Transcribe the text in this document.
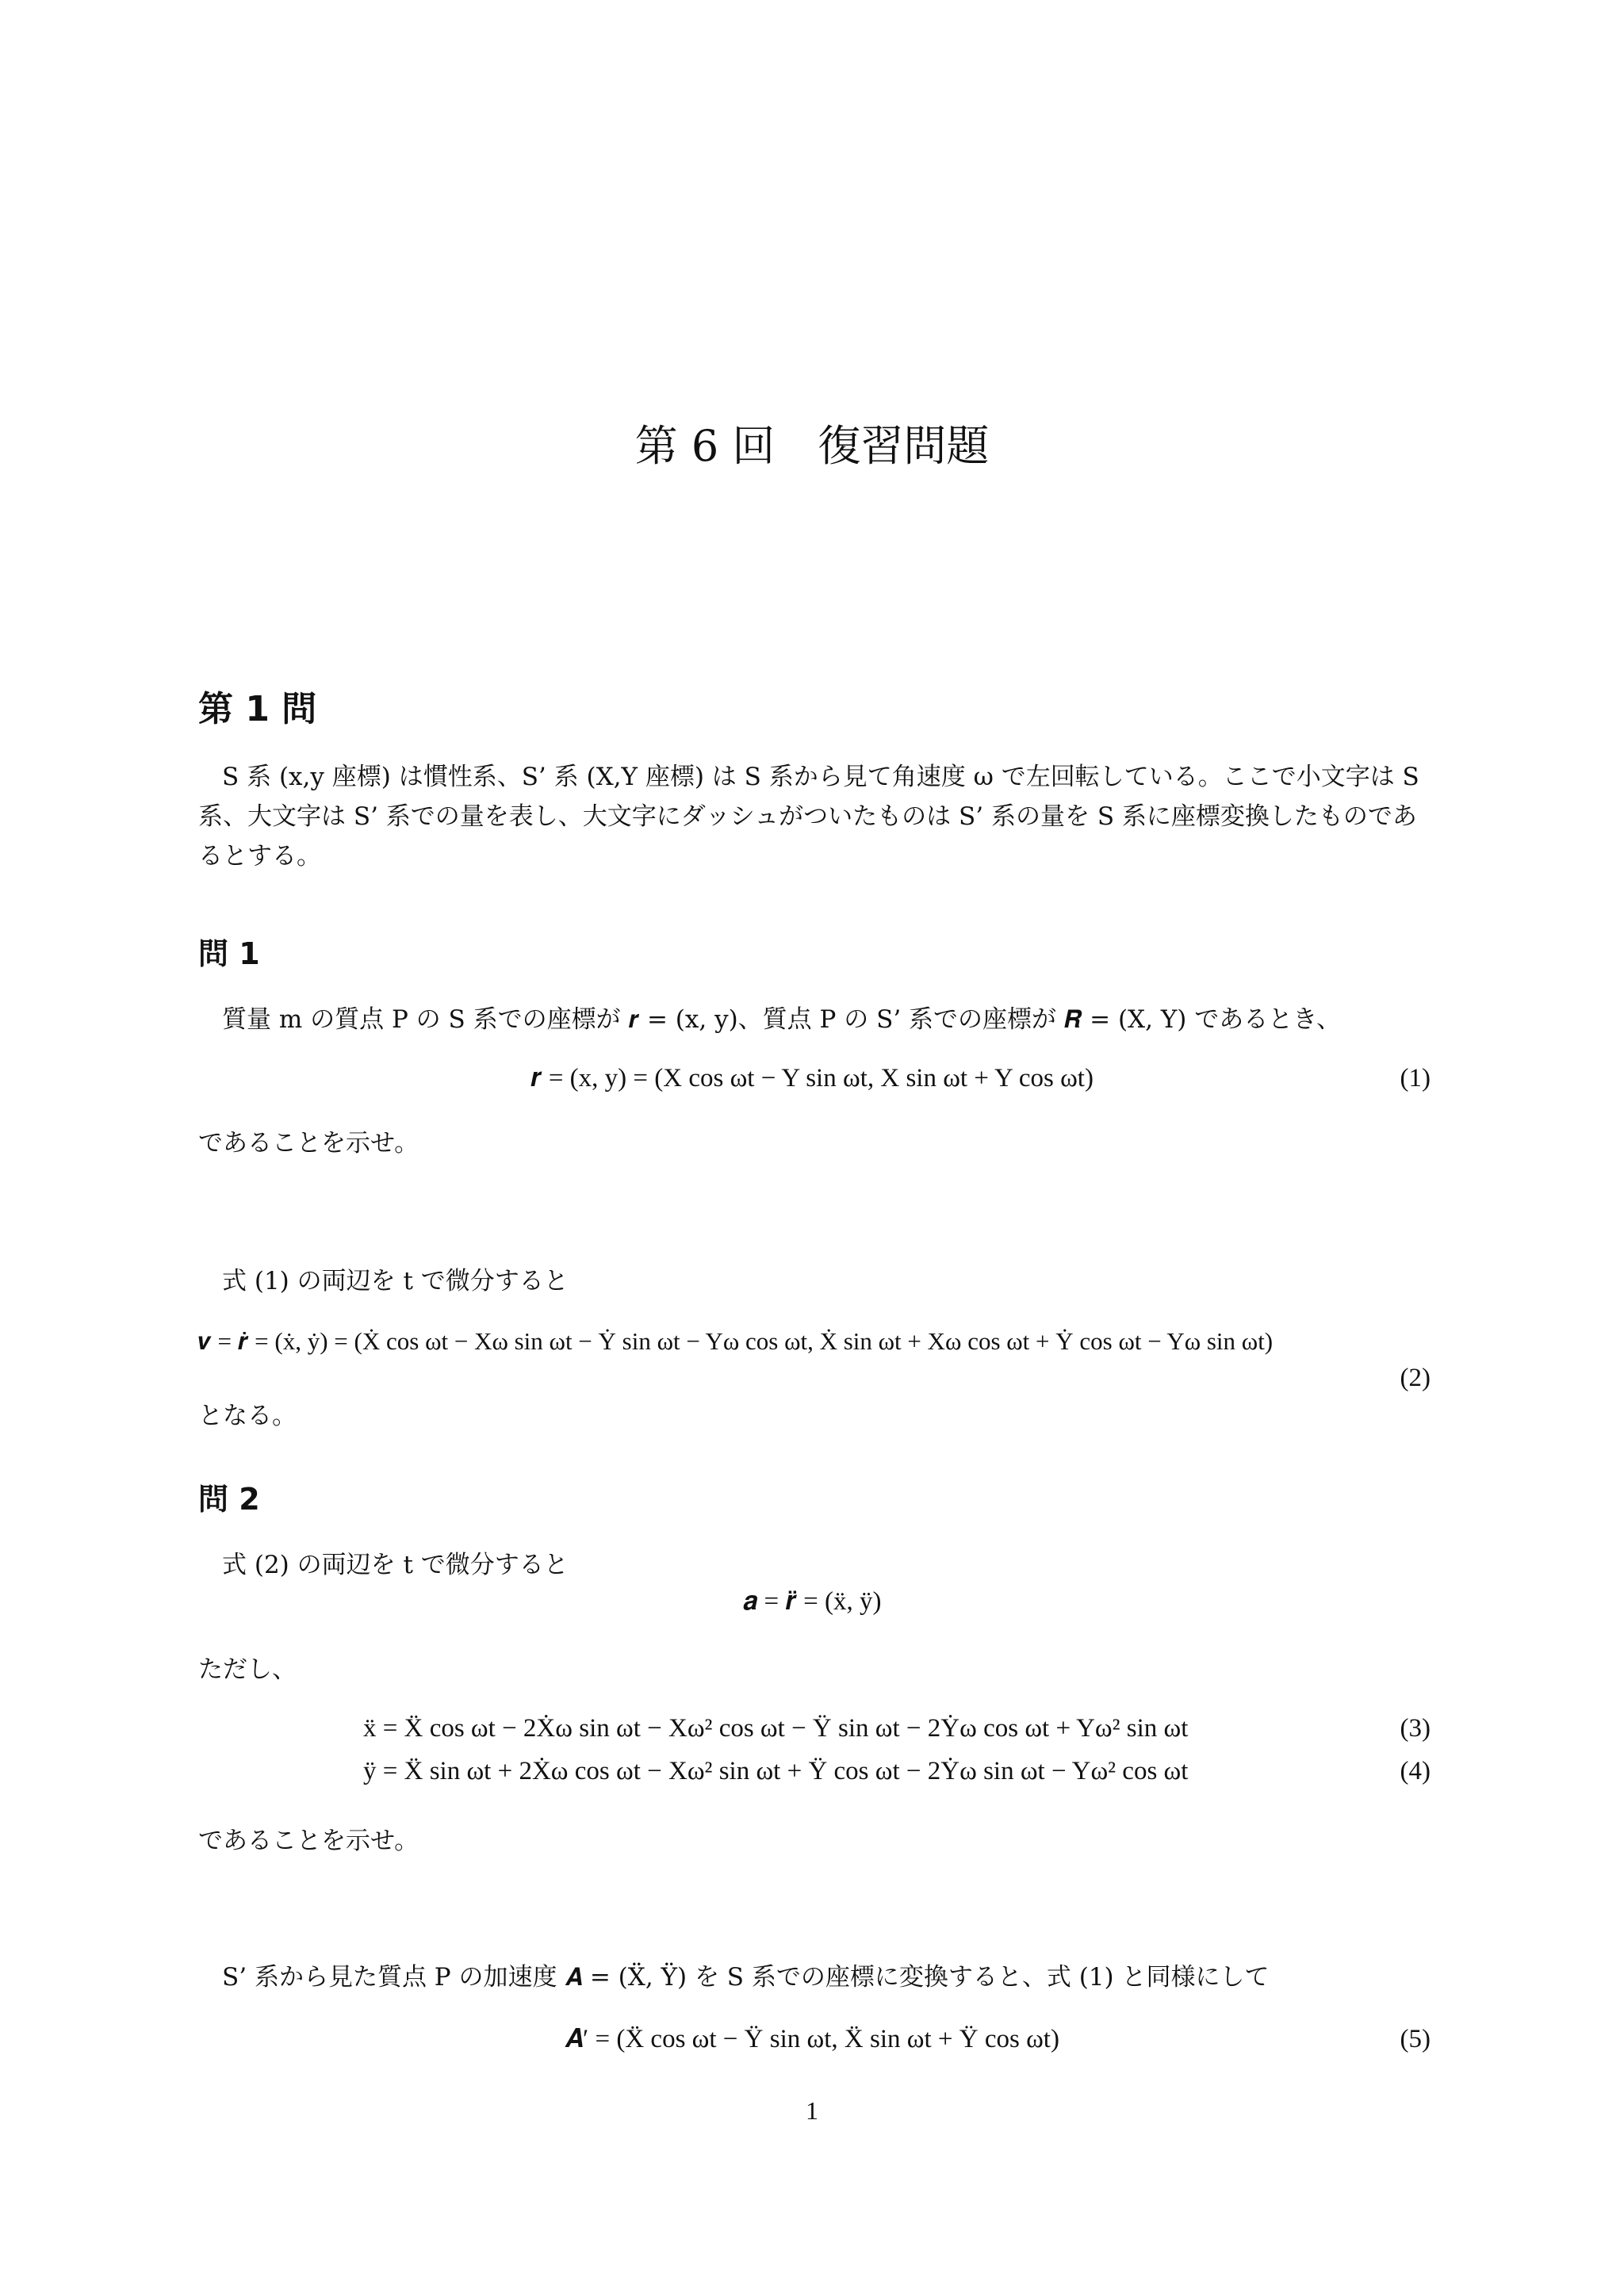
第 6 回　復習問題
第 1 問
S 系 (x,y 座標) は慣性系、S’ 系 (X,Y 座標) は S 系から見て角速度 ω で左回転している。ここで小文字は S 系、大文字は S’ 系での量を表し、大文字にダッシュがついたものは S’ 系の量を S 系に座標変換したものであるとする。
問 1
質量 m の質点 P の S 系での座標が 𝒓 = (x, y)、質点 P の S’ 系での座標が 𝑹 = (X, Y) であるとき、
𝒓 = (x, y) = (X cos ωt − Y sin ωt, X sin ωt + Y cos ωt)	(1)
であることを示せ。
式 (1) の両辺を t で微分すると
𝒗 = 𝒓̇ = (ẋ, ẏ) = (Ẋ cos ωt − Xω sin ωt − Ẏ sin ωt − Yω cos ωt, Ẋ sin ωt + Xω cos ωt + Ẏ cos ωt − Yω sin ωt)
(2)
となる。
問 2
式 (2) の両辺を t で微分すると
𝒂 = 𝒓̈ = (ẍ, ÿ)
ただし、
ẍ = Ẍ cos ωt − 2Ẋω sin ωt − Xω² cos ωt − Ÿ sin ωt − 2Ẏω cos ωt + Yω² sin ωt	(3)
ÿ = Ẍ sin ωt + 2Ẋω cos ωt − Xω² sin ωt + Ÿ cos ωt − 2Ẏω sin ωt − Yω² cos ωt	(4)
であることを示せ。
S’ 系から見た質点 P の加速度 𝑨 = (Ẍ, Ÿ) を S 系での座標に変換すると、式 (1) と同様にして
𝑨′ = (Ẍ cos ωt − Ÿ sin ωt, Ẍ sin ωt + Ÿ cos ωt)	(5)
1
